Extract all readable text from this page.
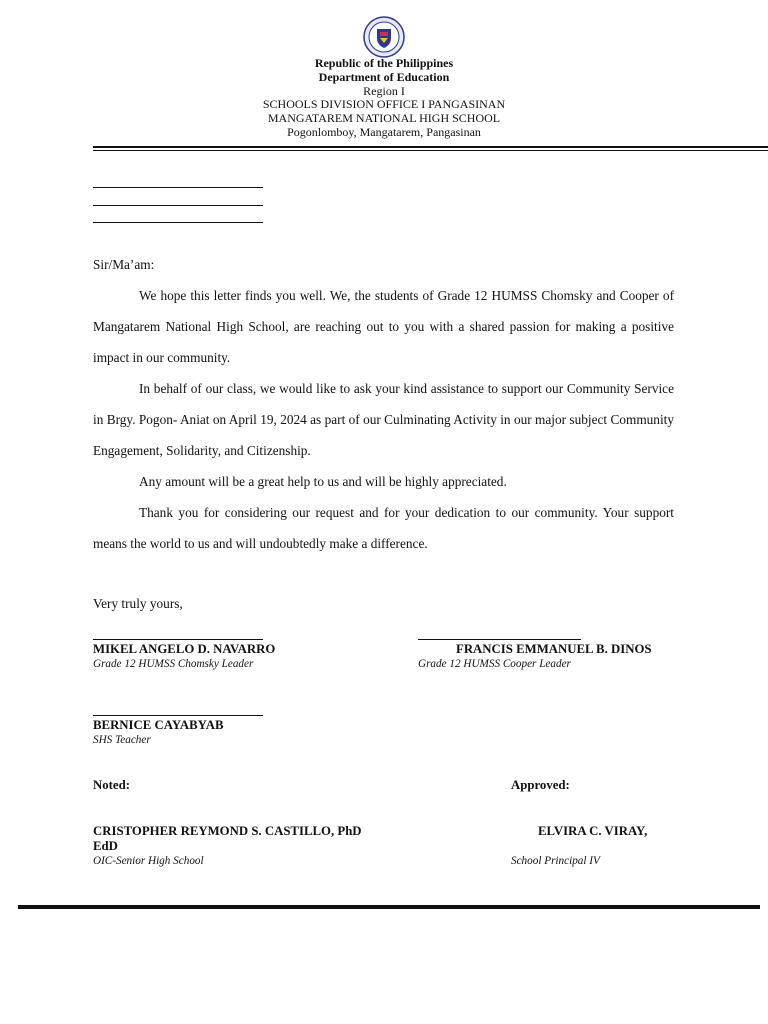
Republic of the Philippines
Department of Education
Region I
SCHOOLS DIVISION OFFICE I PANGASINAN
MANGATAREM NATIONAL HIGH SCHOOL
Pogonlomboy, Mangatarem, Pangasinan
Sir/Ma’am:

We hope this letter finds you well. We, the students of Grade 12 HUMSS Chomsky and Cooper of Mangatarem National High School, are reaching out to you with a shared passion for making a positive impact in our community.

In behalf of our class, we would like to ask your kind assistance to support our Community Service in Brgy. Pogon- Aniat on April 19, 2024 as part of our Culminating Activity in our major subject Community Engagement, Solidarity, and Citizenship.

Any amount will be a great help to us and will be highly appreciated.

Thank you for considering our request and for your dedication to our community. Your support means the world to us and will undoubtedly make a difference.

Very truly yours,
MIKEL ANGELO D. NAVARRO
Grade 12 HUMSS Chomsky Leader
FRANCIS EMMANUEL B. DINOS
Grade 12 HUMSS Cooper Leader
BERNICE CAYABYAB
SHS Teacher
Noted:	Approved:
CRISTOPHER REYMOND S. CASTILLO, PhD
EdD
OIC-Senior High School
ELVIRA C. VIRAY,
School Principal IV
